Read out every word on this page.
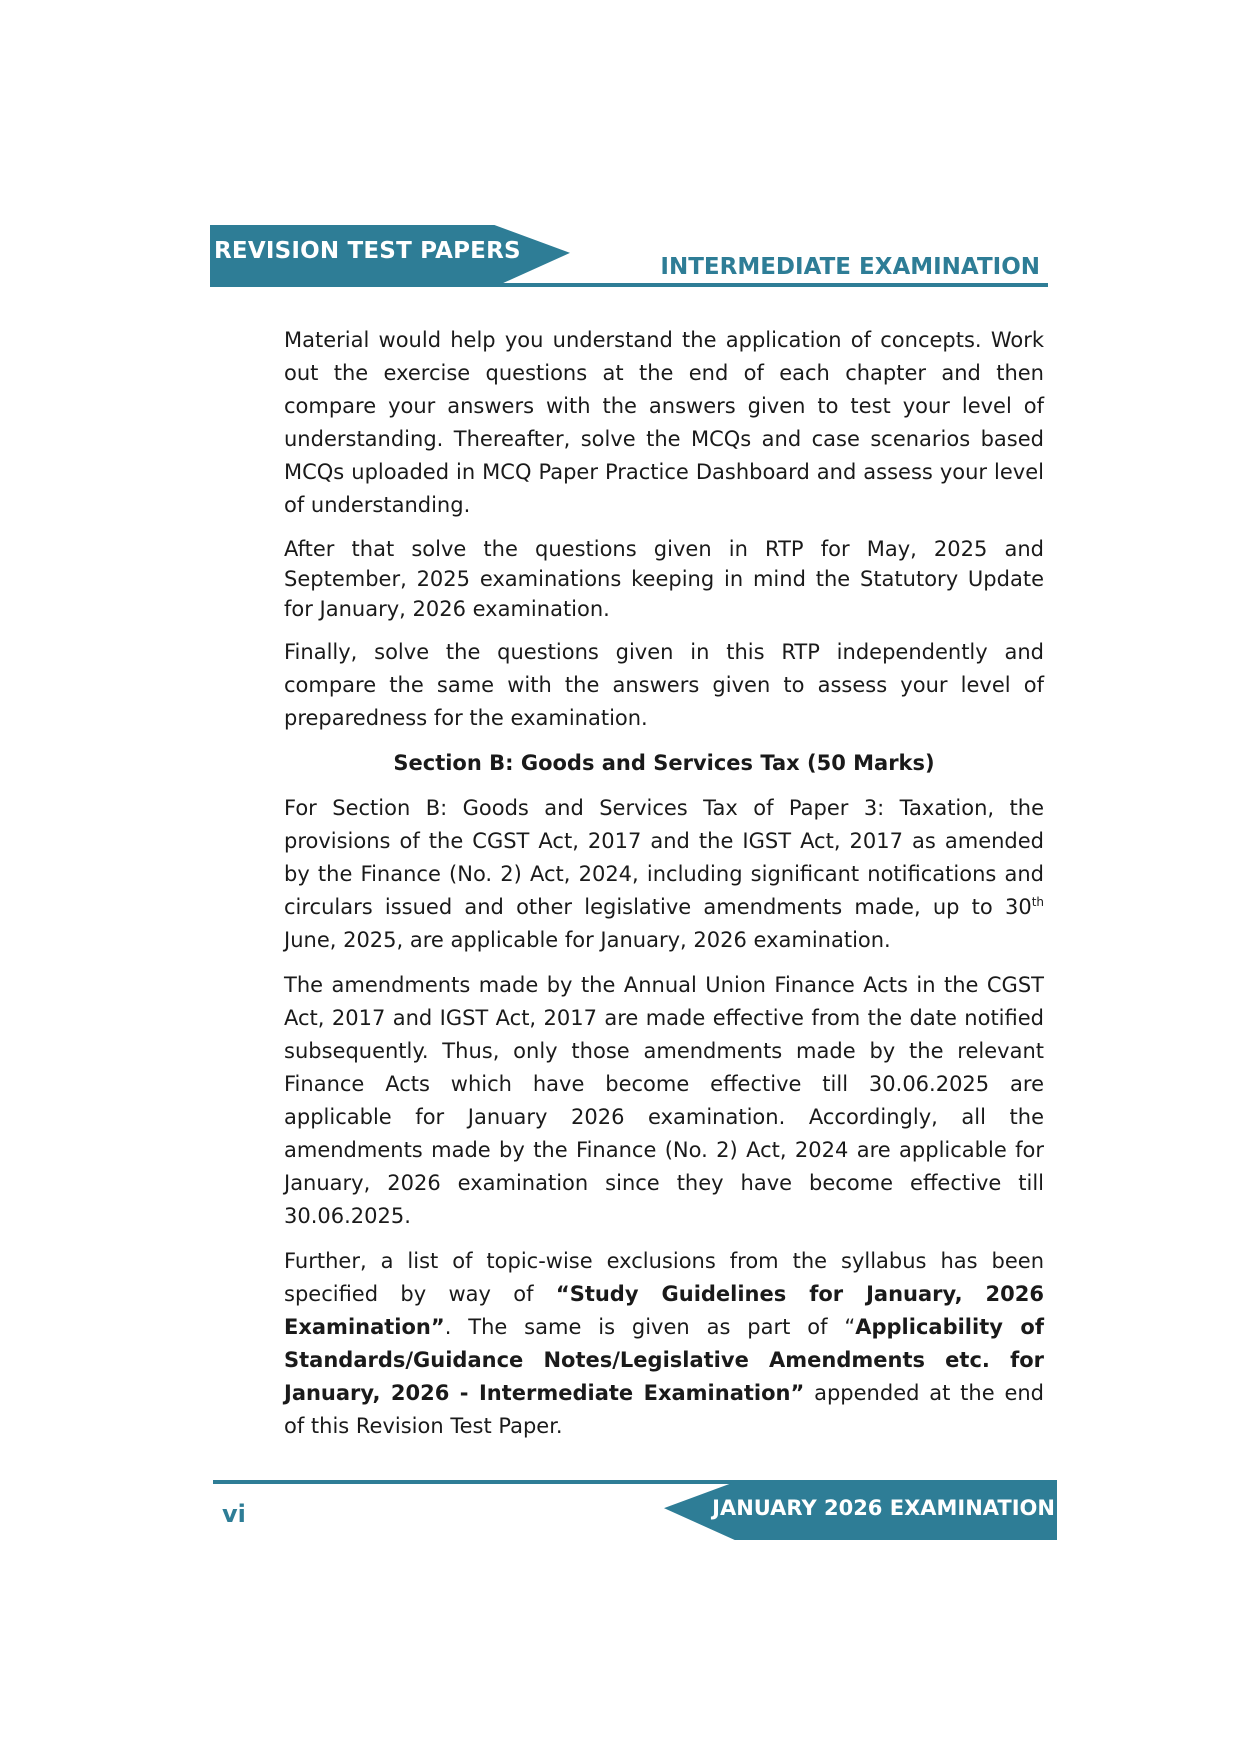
REVISION TEST PAPERS
INTERMEDIATE EXAMINATION

Material would help you understand the application of concepts. Work out the exercise questions at the end of each chapter and then compare your answers with the answers given to test your level of understanding. Thereafter, solve the MCQs and case scenarios based MCQs uploaded in MCQ Paper Practice Dashboard and assess your level of understanding.

After that solve the questions given in RTP for May, 2025 and September, 2025 examinations keeping in mind the Statutory Update for January, 2026 examination.

Finally, solve the questions given in this RTP independently and compare the same with the answers given to assess your level of preparedness for the examination.

Section B: Goods and Services Tax (50 Marks)

For Section B: Goods and Services Tax of Paper 3: Taxation, the provisions of the CGST Act, 2017 and the IGST Act, 2017 as amended by the Finance (No. 2) Act, 2024, including significant notifications and circulars issued and other legislative amendments made, up to 30th June, 2025, are applicable for January, 2026 examination.

The amendments made by the Annual Union Finance Acts in the CGST Act, 2017 and IGST Act, 2017 are made effective from the date notified subsequently. Thus, only those amendments made by the relevant Finance Acts which have become effective till 30.06.2025 are applicable for January 2026 examination. Accordingly, all the amendments made by the Finance (No. 2) Act, 2024 are applicable for January, 2026 examination since they have become effective till 30.06.2025.

Further, a list of topic-wise exclusions from the syllabus has been specified by way of “Study Guidelines for January, 2026 Examination”. The same is given as part of “Applicability of Standards/Guidance Notes/Legislative Amendments etc. for January, 2026 - Intermediate Examination” appended at the end of this Revision Test Paper.

JANUARY 2026 EXAMINATION
vi
